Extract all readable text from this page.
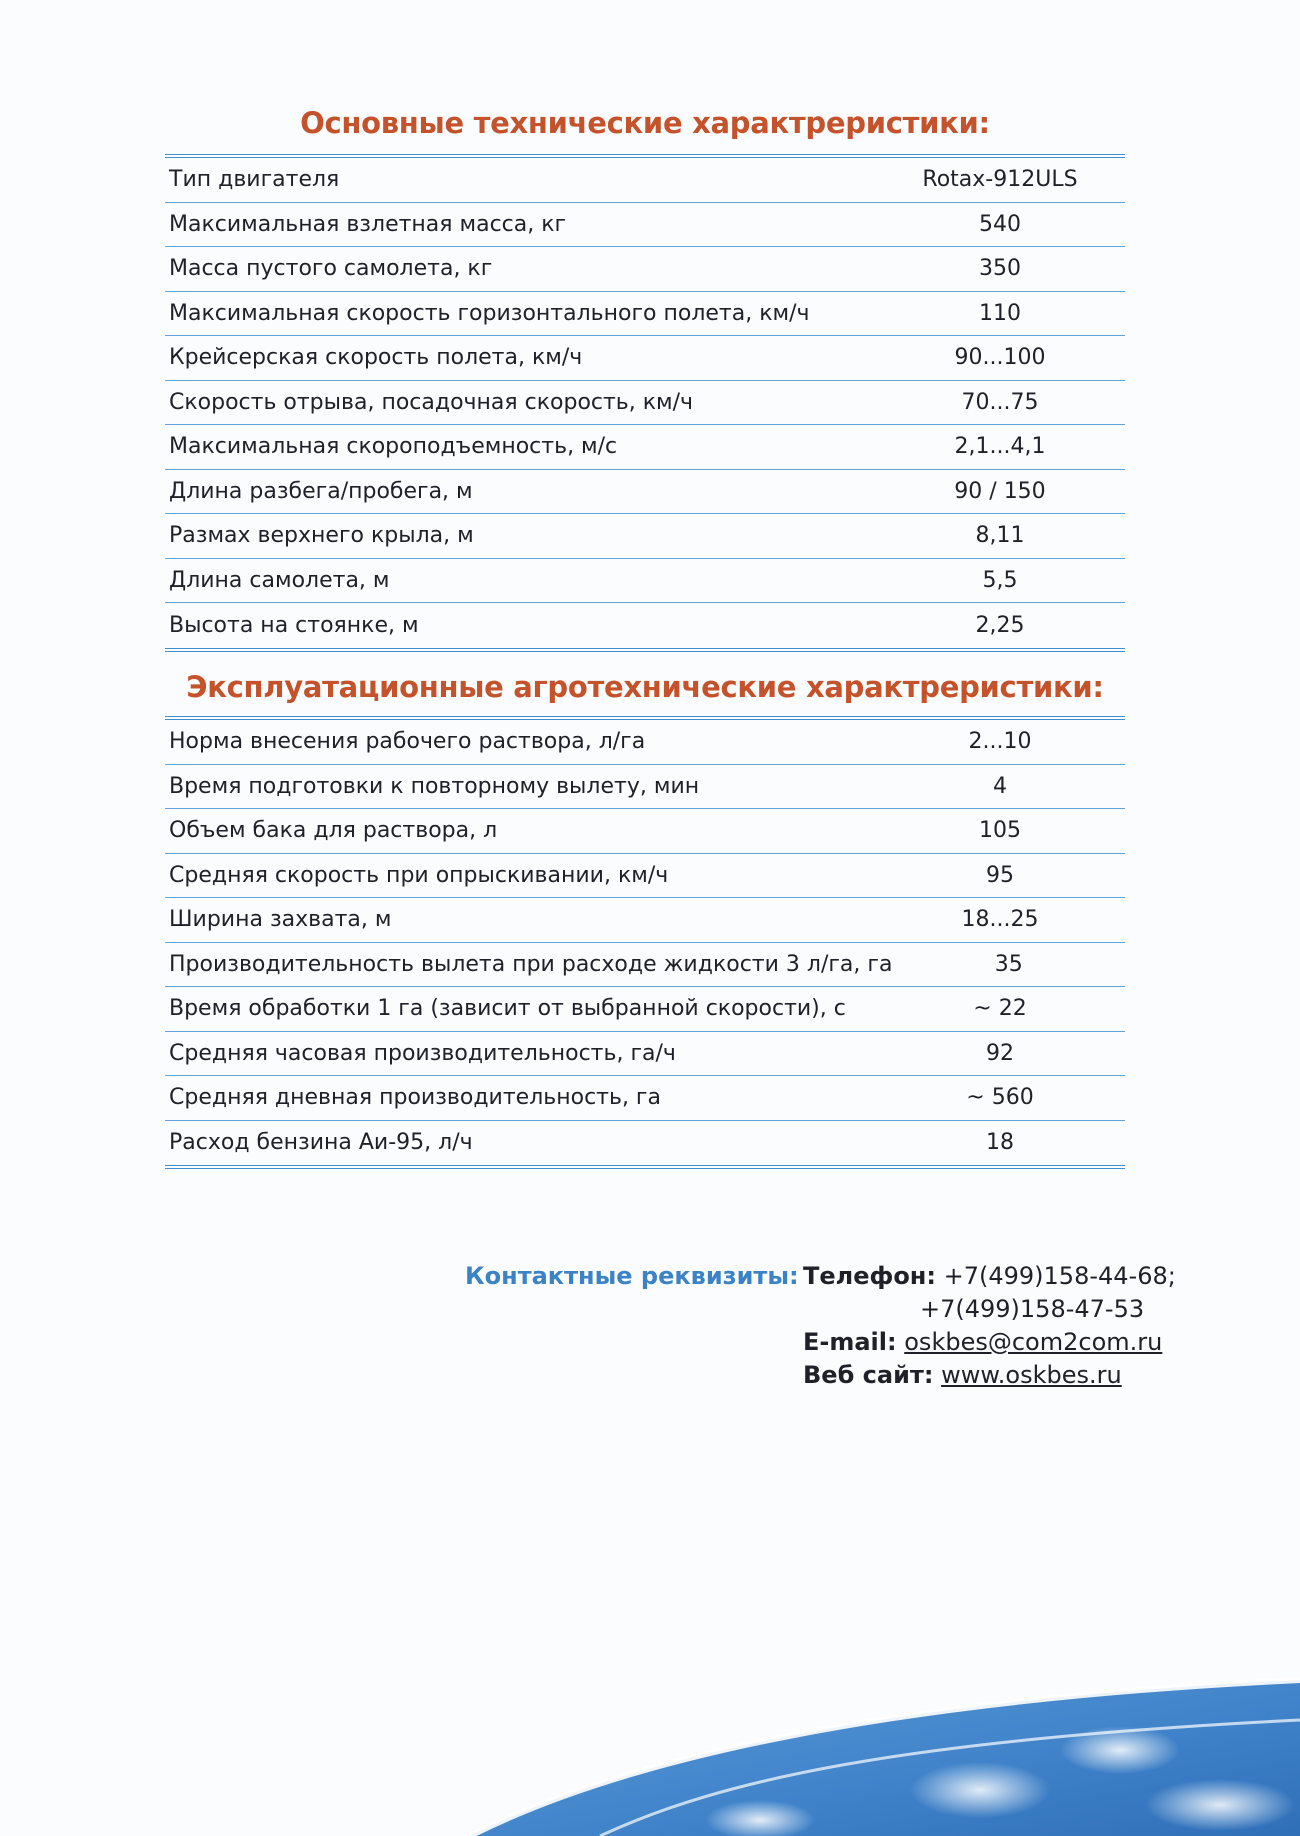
Основные технические характрeристики:
Тип двигателя	Rotax-912ULS
Максимальная взлетная масса, кг	540
Масса пустого самолета, кг	350
Максимальная скорость горизонтального полета, км/ч	110
Крейсерская скорость полета, км/ч	90...100
Скорость отрыва, посадочная скорость, км/ч	70...75
Максимальная скороподъемность, м/с	2,1...4,1
Длина разбега/пробега, м	90 / 150
Размах верхнего крыла, м	8,11
Длина самолета, м	5,5
Высота на стоянке, м	2,25
Эксплуатационные агротехнические характрeристики:
Норма внесения рабочего раствора, л/га	2...10
Время подготовки к повторному вылету, мин	4
Объем бака для раствора, л	105
Средняя скорость при опрыскивании, км/ч	95
Ширина захвата, м	18...25
Производительность вылета при расходе жидкости 3 л/га, га	35
Время обработки 1 га (зависит от выбранной скорости), с	~ 22
Средняя часовая производительность, га/ч	92
Средняя дневная производительность, га	~ 560
Расход бензина Аи-95, л/ч	18
Контактные реквизиты: Телефон: +7(499)158-44-68;
+7(499)158-47-53
E-mail: oskbes@com2com.ru
Веб сайт: www.oskbes.ru
